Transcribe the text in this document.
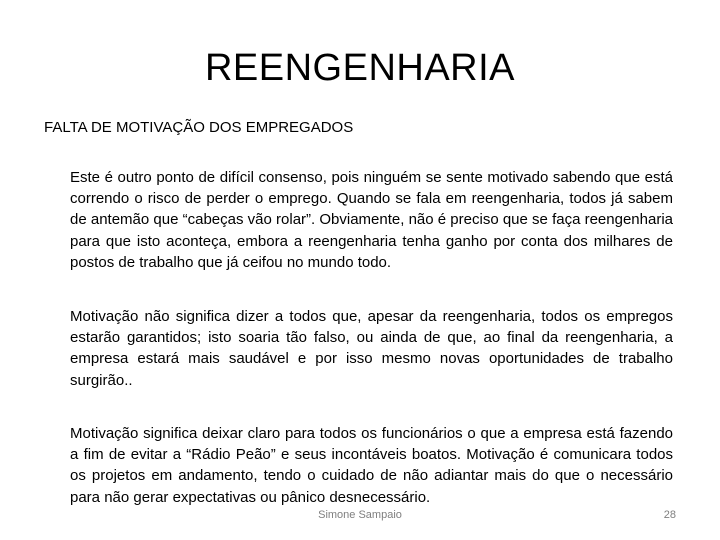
REENGENHARIA
FALTA DE MOTIVAÇÃO DOS EMPREGADOS
Este é outro ponto de difícil consenso, pois ninguém se sente motivado sabendo que está correndo o risco de perder o emprego. Quando se fala em reengenharia, todos já sabem de antemão que “cabeças vão rolar”. Obviamente, não é preciso que se faça reengenharia para que isto aconteça, embora a reengenharia tenha ganho por conta dos milhares de postos de trabalho que já ceifou no mundo todo.
Motivação não significa dizer a todos que, apesar da reengenharia, todos os empregos estarão garantidos; isto soaria tão falso, ou ainda de que, ao final da reengenharia, a empresa estará mais saudável e por isso mesmo novas oportunidades de trabalho surgirão..
Motivação significa deixar claro para todos os funcionários o que a empresa está fazendo a fim de evitar a “Rádio Peão” e seus incontáveis boatos. Motivação é comunicara todos os projetos em andamento, tendo o cuidado de não adiantar mais do que o necessário para não gerar expectativas ou pânico desnecessário.
Simone Sampaio	28
